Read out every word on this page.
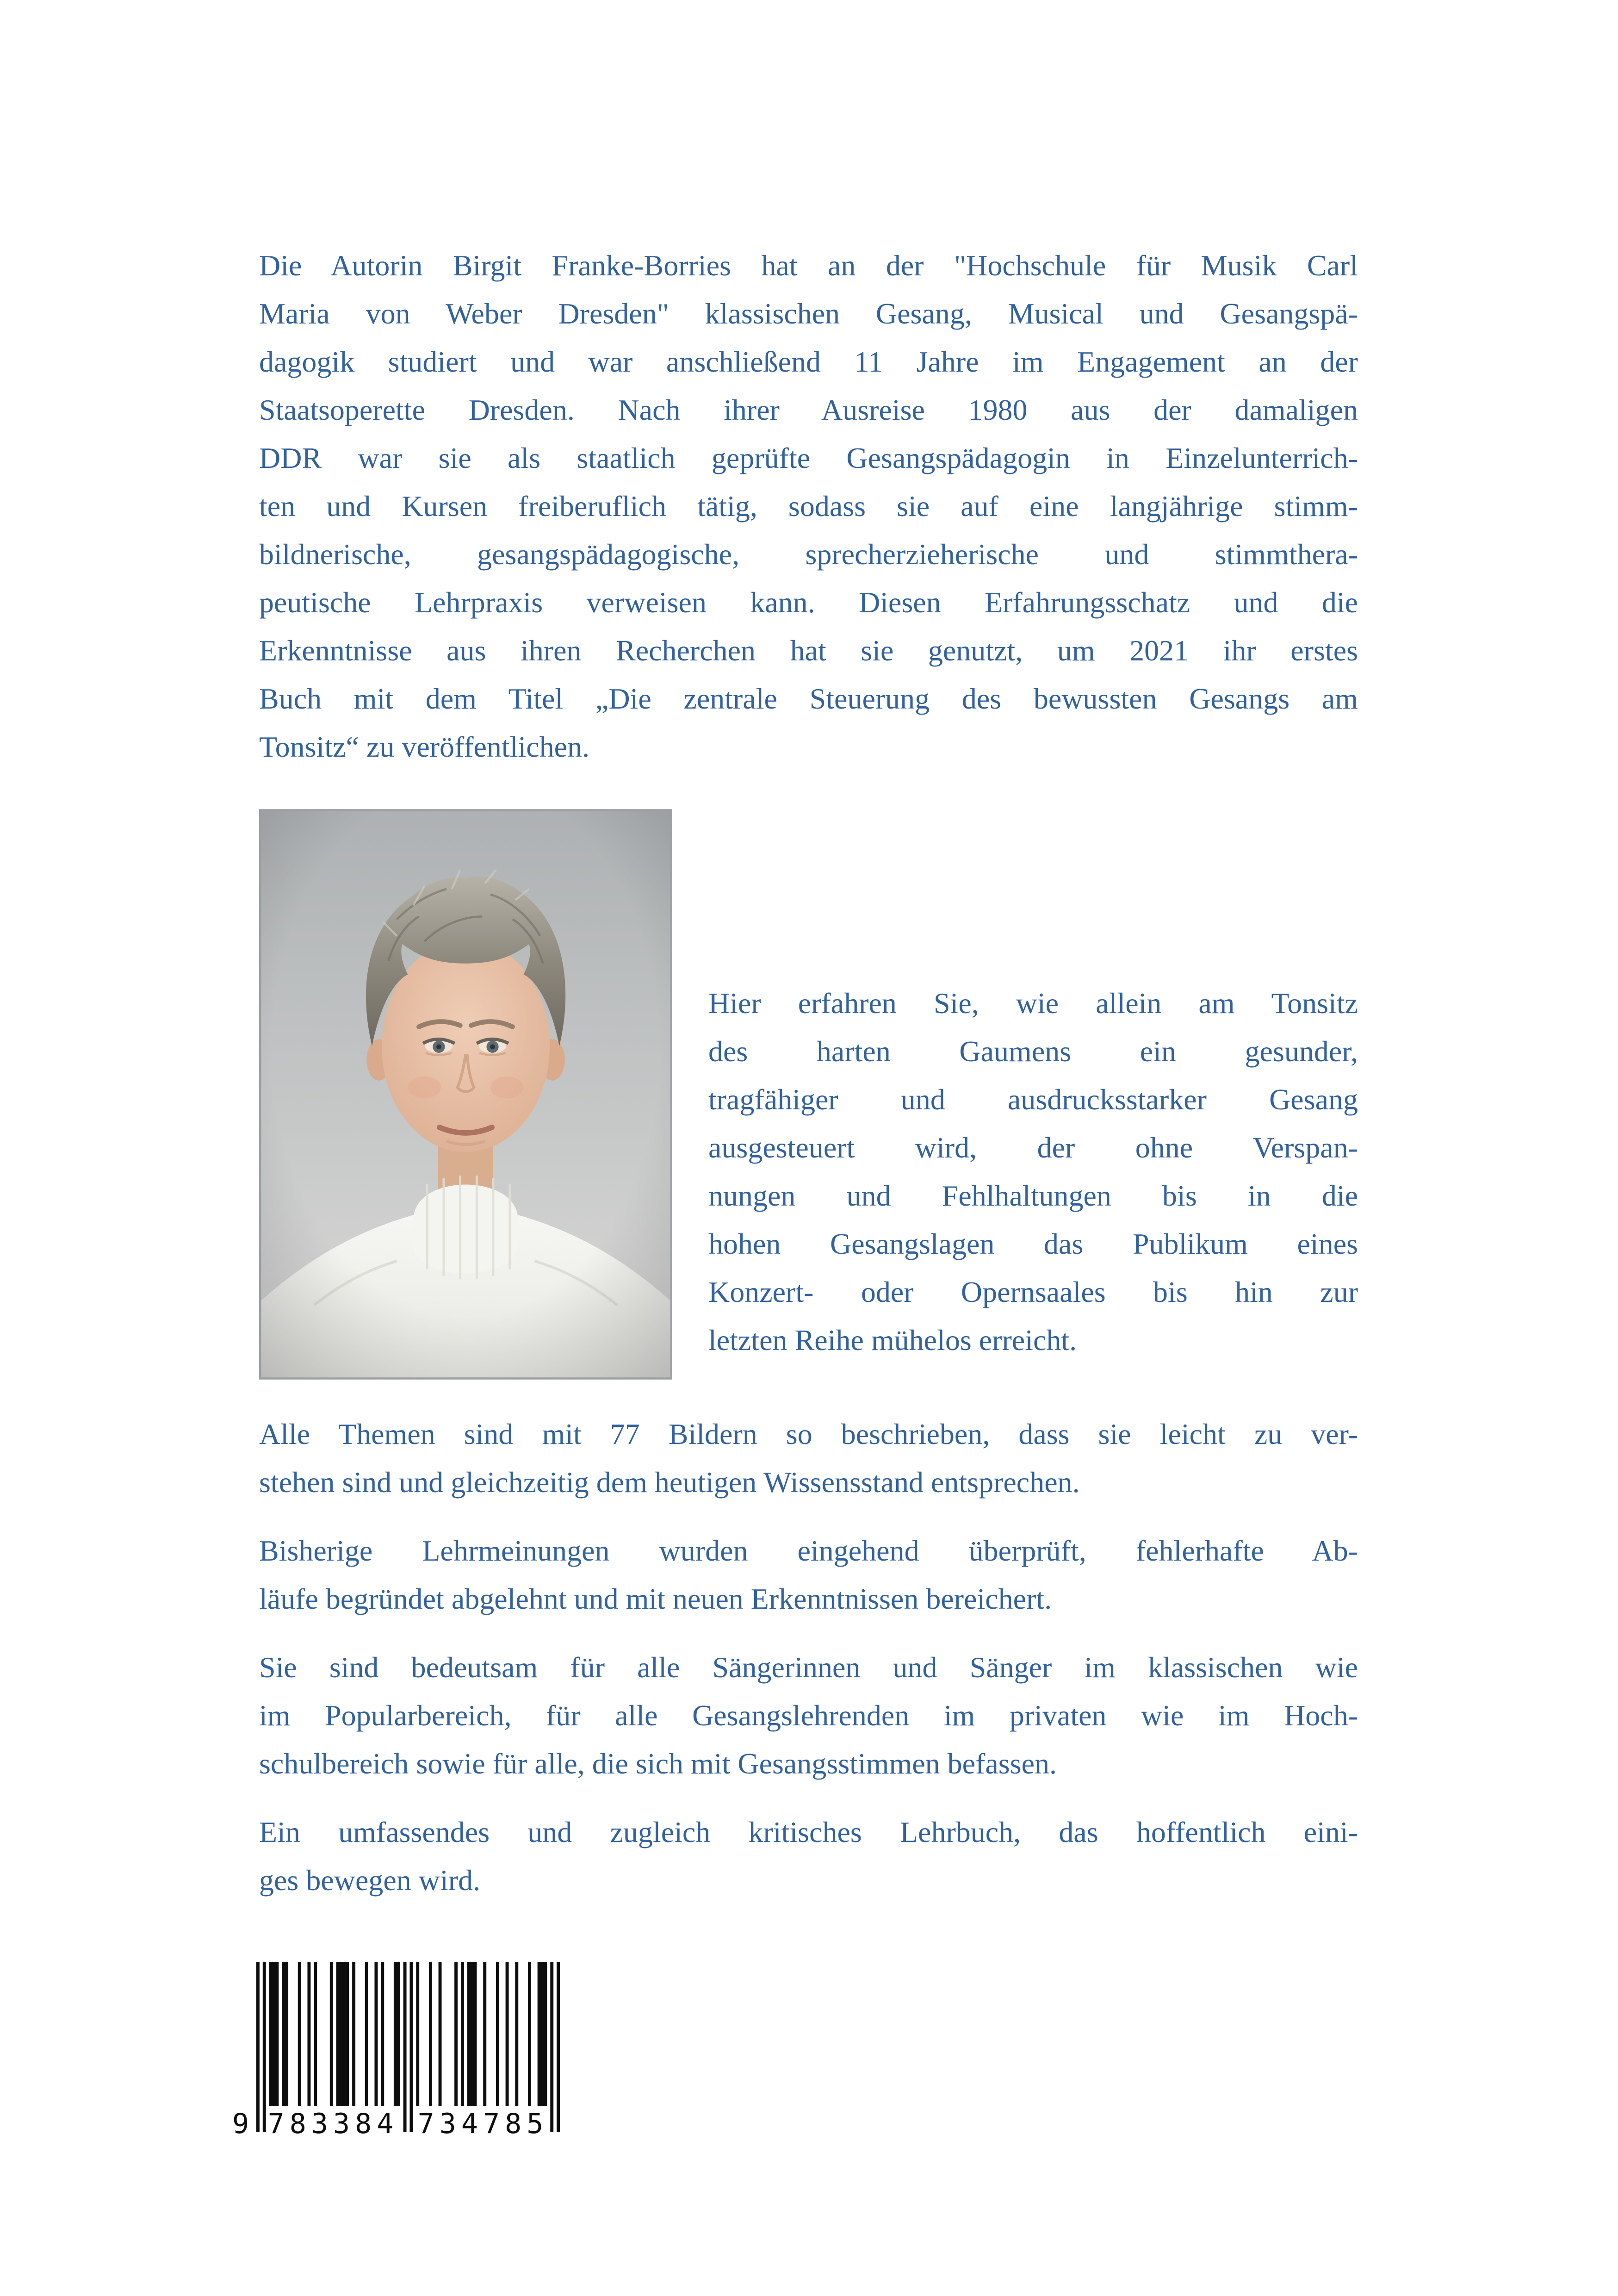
Die Autorin Birgit Franke-Borries hat an der "Hochschule für Musik Carl
Maria von Weber Dresden" klassischen Gesang, Musical und Gesangspä-
dagogik studiert und war anschließend 11 Jahre im Engagement an der
Staatsoperette Dresden. Nach ihrer Ausreise 1980 aus der damaligen
DDR war sie als staatlich geprüfte Gesangspädagogin in Einzelunterrich-
ten und Kursen freiberuflich tätig, sodass sie auf eine langjährige stimm-
bildnerische, gesangspädagogische, sprecherzieherische und stimmthera-
peutische Lehrpraxis verweisen kann. Diesen Erfahrungsschatz und die
Erkenntnisse aus ihren Recherchen hat sie genutzt, um 2021 ihr erstes
Buch mit dem Titel „Die zentrale Steuerung des bewussten Gesangs am
Tonsitz“ zu veröffentlichen.
Hier erfahren Sie, wie allein am Tonsitz
des harten Gaumens ein gesunder,
tragfähiger und ausdrucksstarker Gesang
ausgesteuert wird, der ohne Verspan-
nungen und Fehlhaltungen bis in die
hohen Gesangslagen das Publikum eines
Konzert- oder Opernsaales bis hin zur
letzten Reihe mühelos erreicht.
Alle Themen sind mit 77 Bildern so beschrieben, dass sie leicht zu ver-
stehen sind und gleichzeitig dem heutigen Wissensstand entsprechen.
Bisherige Lehrmeinungen wurden eingehend überprüft, fehlerhafte Ab-
läufe begründet abgelehnt und mit neuen Erkenntnissen bereichert.
Sie sind bedeutsam für alle Sängerinnen und Sänger im klassischen wie
im Popularbereich, für alle Gesangslehrenden im privaten wie im Hoch-
schulbereich sowie für alle, die sich mit Gesangsstimmen befassen.
Ein umfassendes und zugleich kritisches Lehrbuch, das hoffentlich eini-
ges bewegen wird.
9 783384 734785
